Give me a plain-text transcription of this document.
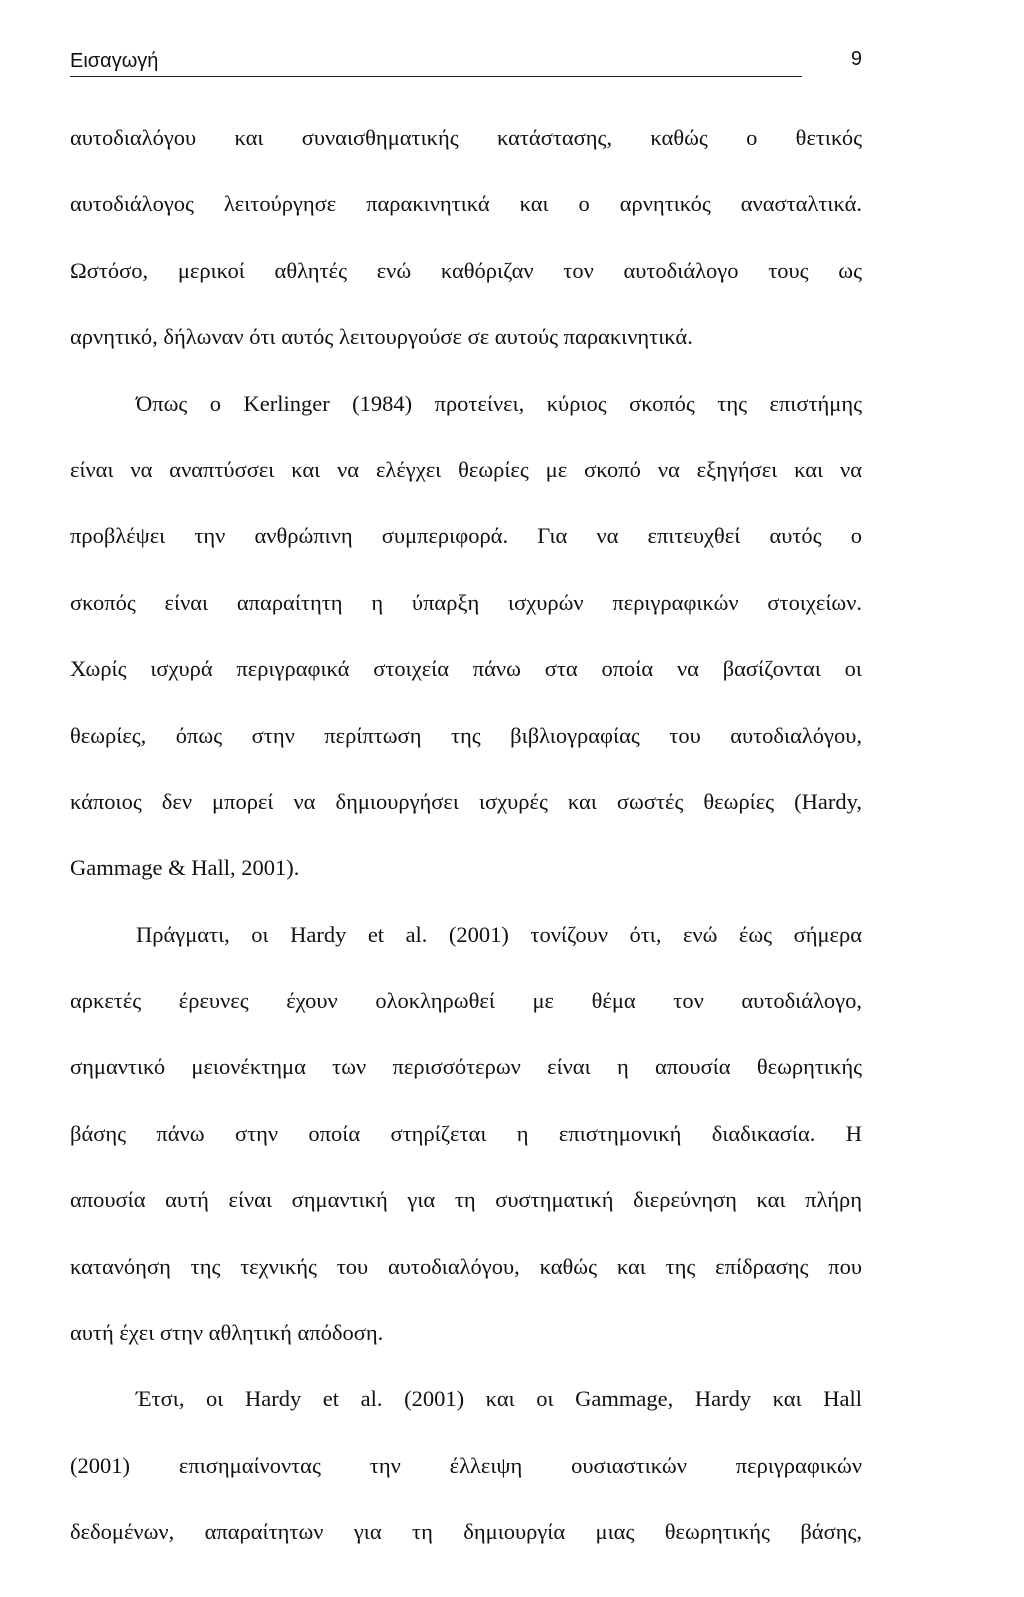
Εισαγωγή	9
αυτοδιαλόγου και συναισθηματικής κατάστασης, καθώς ο θετικός
αυτοδιάλογος λειτούργησε παρακινητικά και ο αρνητικός ανασταλτικά.
Ωστόσο, μερικοί αθλητές ενώ καθόριζαν τον αυτοδιάλογο τους ως
αρνητικό, δήλωναν ότι αυτός λειτουργούσε σε αυτούς παρακινητικά.
Όπως ο Kerlinger (1984) προτείνει, κύριος σκοπός της επιστήμης
είναι να αναπτύσσει και να ελέγχει θεωρίες με σκοπό να εξηγήσει και να
προβλέψει την ανθρώπινη συμπεριφορά. Για να επιτευχθεί αυτός ο
σκοπός είναι απαραίτητη η ύπαρξη ισχυρών περιγραφικών στοιχείων.
Χωρίς ισχυρά περιγραφικά στοιχεία πάνω στα οποία να βασίζονται οι
θεωρίες, όπως στην περίπτωση της βιβλιογραφίας του αυτοδιαλόγου,
κάποιος δεν μπορεί να δημιουργήσει ισχυρές και σωστές θεωρίες (Hardy,
Gammage & Hall, 2001).
Πράγματι, οι Hardy et al. (2001) τονίζουν ότι, ενώ έως σήμερα
αρκετές έρευνες έχουν ολοκληρωθεί με θέμα τον αυτοδιάλογο,
σημαντικό μειονέκτημα των περισσότερων είναι η απουσία θεωρητικής
βάσης πάνω στην οποία στηρίζεται η επιστημονική διαδικασία. Η
απουσία αυτή είναι σημαντική για τη συστηματική διερεύνηση και πλήρη
κατανόηση της τεχνικής του αυτοδιαλόγου, καθώς και της επίδρασης που
αυτή έχει στην αθλητική απόδοση.
Έτσι, οι Hardy et al. (2001) και οι Gammage, Hardy και Hall
(2001) επισημαίνοντας την έλλειψη ουσιαστικών περιγραφικών
δεδομένων, απαραίτητων για τη δημιουργία μιας θεωρητικής βάσης,
